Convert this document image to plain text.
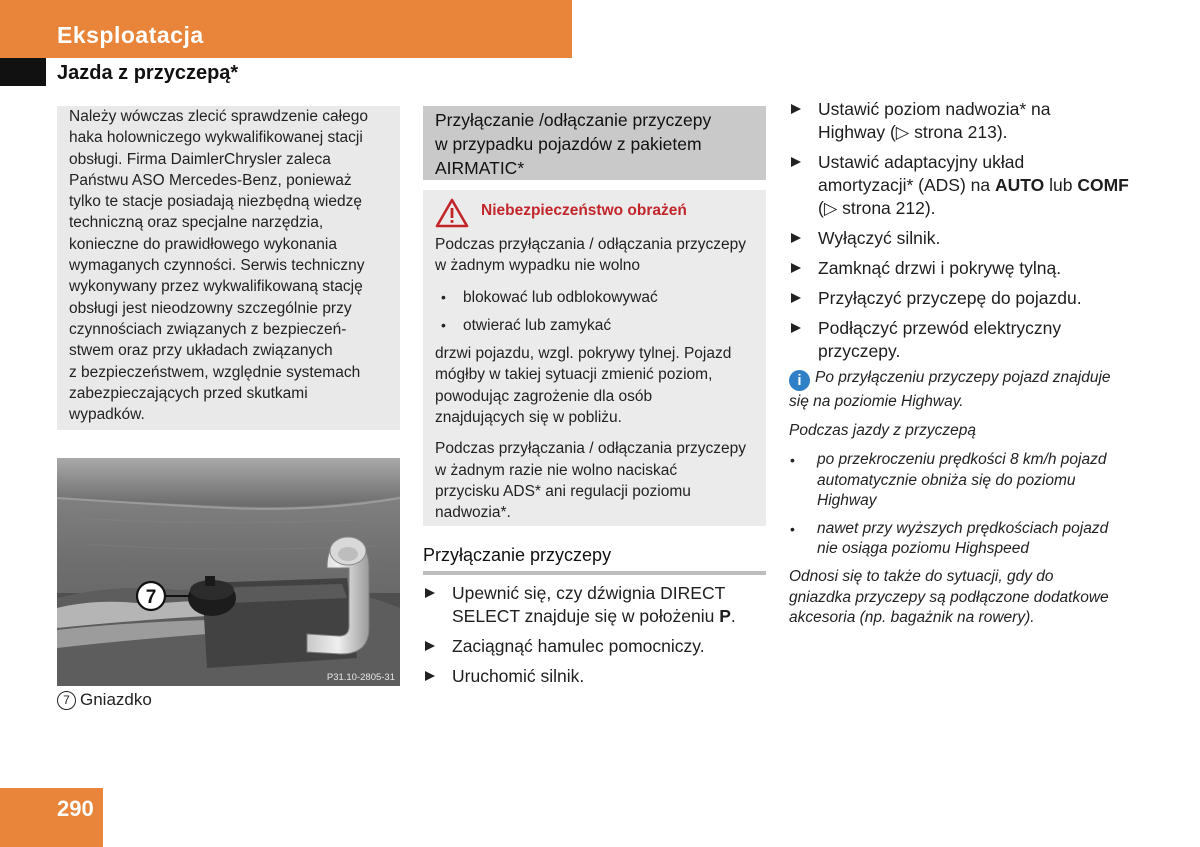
Eksploatacja
Jazda z przyczepą*
Należy wówczas zlecić sprawdzenie całego
haka holowniczego wykwalifikowanej stacji
obsługi. Firma DaimlerChrysler zaleca
Państwu ASO Mercedes-Benz, ponieważ
tylko te stacje posiadają niezbędną wiedzę
techniczną oraz specjalne narzędzia,
konieczne do prawidłowego wykonania
wymaganych czynności. Serwis techniczny
wykonywany przez wykwalifikowaną stację
obsługi jest nieodzowny szczególnie przy
czynnościach związanych z bezpieczeń-
stwem oraz przy układach związanych
z bezpieczeństwem, względnie systemach
zabezpieczających przed skutkami
wypadków.
7
P31.10-2805-31
7 Gniazdko
Przyłączanie /odłączanie przyczepy
w przypadku pojazdów z pakietem
AIRMATIC*
Niebezpieczeństwo obrażeń

Podczas przyłączania / odłączania przyczepy
w żadnym wypadku nie wolno

• blokować lub odblokowywać
• otwierać lub zamykać

drzwi pojazdu, wzgl. pokrywy tylnej. Pojazd
mógłby w takiej sytuacji zmienić poziom,
powodując zagrożenie dla osób
znajdujących się w pobliżu.

Podczas przyłączania / odłączania przyczepy
w żadnym razie nie wolno naciskać
przycisku ADS* ani regulacji poziomu
nadwozia*.

Przyłączanie przyczepy
Upewnić się, czy dźwignia DIRECT
SELECT znajduje się w położeniu P.
Zaciągnąć hamulec pomocniczy.
Uruchomić silnik.
Ustawić poziom nadwozia* na
Highway (▷ strona 213).
Ustawić adaptacyjny układ
amortyzacji* (ADS) na AUTO lub COMF
(▷ strona 212).
Wyłączyć silnik.
Zamknąć drzwi i pokrywę tylną.
Przyłączyć przyczepę do pojazdu.
Podłączyć przewód elektryczny
przyczepy.
i Po przyłączeniu przyczepy pojazd znajduje
się na poziomie Highway.
Podczas jazdy z przyczepą
• po przekroczeniu prędkości 8 km/h pojazd
automatycznie obniża się do poziomu
Highway
• nawet przy wyższych prędkościach pojazd
nie osiąga poziomu Highspeed
Odnosi się to także do sytuacji, gdy do
gniazdka przyczepy są podłączone dodatkowe
akcesoria (np. bagażnik na rowery).
290
